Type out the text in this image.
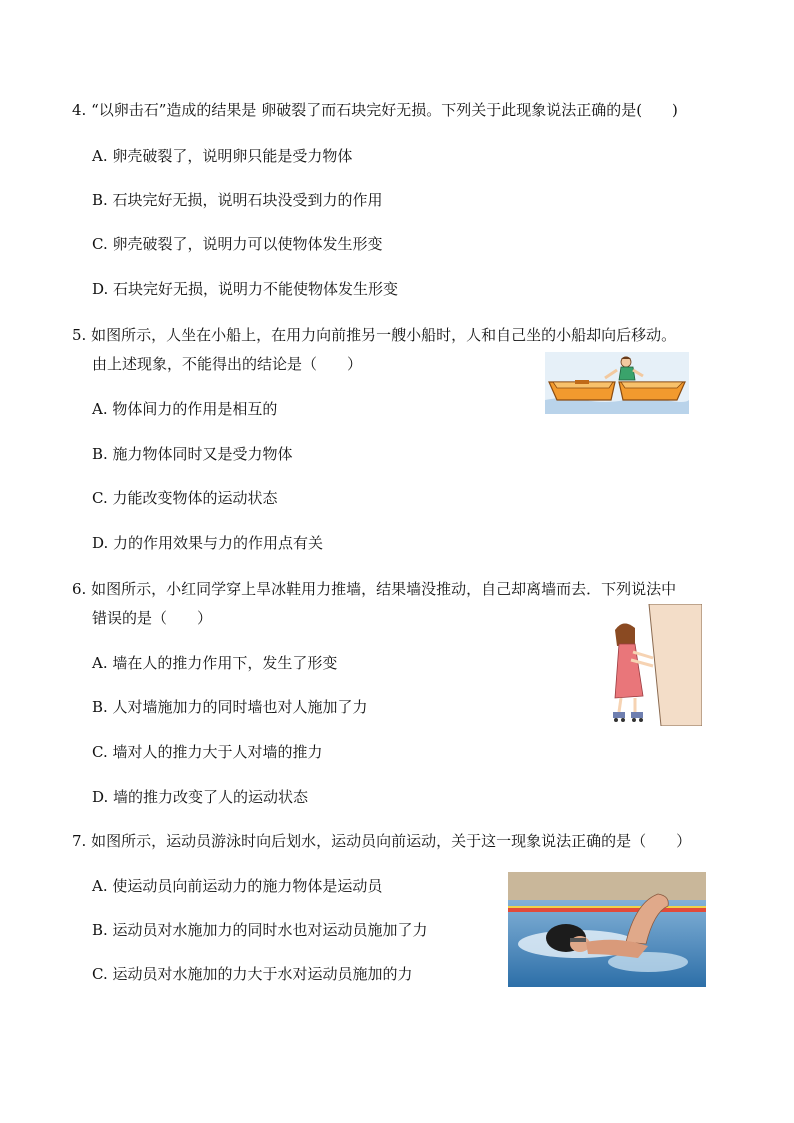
4. “以卵击石”造成的结果是 卵破裂了而石块完好无损。下列关于此现象说法正确的是(　　)
A. 卵壳破裂了，说明卵只能是受力物体
B. 石块完好无损，说明石块没受到力的作用
C. 卵壳破裂了，说明力可以使物体发生形变
D. 石块完好无损，说明力不能使物体发生形变
5. 如图所示，人坐在小船上，在用力向前推另一艘小船时，人和自己坐的小船却向后移动。
由上述现象，不能得出的结论是（　　）
A. 物体间力的作用是相互的
B. 施力物体同时又是受力物体
C. 力能改变物体的运动状态
D. 力的作用效果与力的作用点有关
6. 如图所示，小红同学穿上旱冰鞋用力推墙，结果墙没推动，自己却离墙而去．下列说法中
错误的是（　　）
A. 墙在人的推力作用下，发生了形变
B. 人对墙施加力的同时墙也对人施加了力
C. 墙对人的推力大于人对墙的推力
D. 墙的推力改变了人的运动状态
7. 如图所示，运动员游泳时向后划水，运动员向前运动，关于这一现象说法正确的是（　　）
A. 使运动员向前运动力的施力物体是运动员
B. 运动员对水施加力的同时水也对运动员施加了力
C. 运动员对水施加的力大于水对运动员施加的力
